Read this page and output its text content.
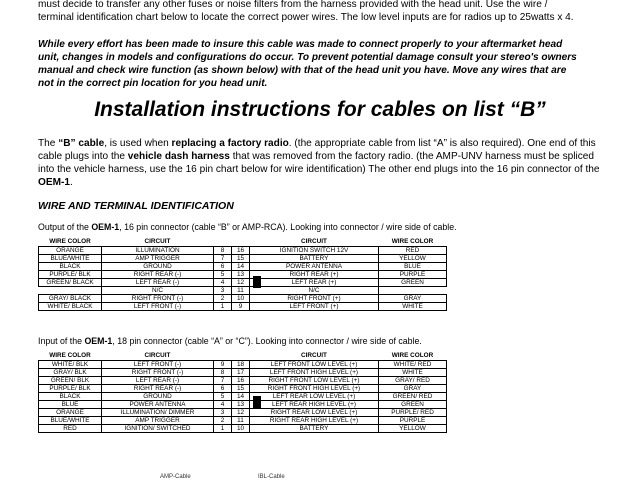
must decide to transfer any other fuses or noise filters from the harness provided with the head unit. Use the wire /
terminal identification chart below to locate the correct power wires. The low level inputs are for radios up to 25watts x 4.
While every effort has been made to insure this cable was made to connect properly to your aftermarket head
unit, changes in models and configurations do occur. To prevent potential damage consult your stereo's owners
manual and check wire function (as shown below) with that of the head unit you have. Move any wires that are
not in the correct pin location for you head unit.
Installation instructions for cables on list “B”
The “B” cable, is used when replacing a factory radio. (the appropriate cable from list “A” is also required). One end of this cable plugs into the vehicle dash harness that was removed from the factory radio. (the AMP-UNV harness must be spliced into the vehicle harness, use the 16 pin chart below for wire identification) The other end plugs into the 16 pin connector of the OEM-1.
WIRE AND TERMINAL IDENTIFICATION
Output of the OEM-1, 16 pin connector (cable “B” or AMP-RCA). Looking into connector / wire side of cable.
WIRE COLOR	CIRCUIT			CIRCUIT	WIRE COLOR
ORANGE	ILLUMINATION	8	16	IGNITION SWITCH 12V	RED
BLUE/WHITE	AMP TRIGGER	7	15	BATTERY	YELLOW
BLACK	GROUND	6	14	POWER ANTENNA	BLUE
PURPLE/ BLK	RIGHT REAR (-)	5	13	RIGHT REAR (+)	PURPLE
GREEN/ BLACK	LEFT REAR (-)	4	12	LEFT REAR (+)	GREEN
	N/C	3	11	N/C	
GRAY/ BLACK	RIGHT FRONT (-)	2	10	RIGHT FRONT (+)	GRAY
WHITE/ BLACK	LEFT FRONT (-)	1	9	LEFT FRONT (+)	WHITE
Input of the OEM-1, 18 pin connector (cable “A” or “C”). Looking into connector / wire side of cable.
WIRE COLOR	CIRCUIT			CIRCUIT	WIRE COLOR
WHITE/ BLK	LEFT FRONT (-)	9	18	LEFT FRONT LOW LEVEL (+)	WHITE/ RED
GRAY/ BLK	RIGHT FRONT (-)	8	17	LEFT FRONT HIGH LEVEL (+)	WHITE
GREEN/ BLK	LEFT REAR (-)	7	16	RIGHT FRONT LOW LEVEL (+)	GRAY/ RED
PURPLE/ BLK	RIGHT REAR (-)	6	15	RIGHT FRONT HIGH LEVEL (+)	GRAY
BLACK	GROUND	5	14	LEFT REAR LOW LEVEL (+)	GREEN/ RED
BLUE	POWER ANTENNA	4	13	LEFT REAR HIGH LEVEL (+)	GREEN
ORANGE	ILLUMINATION/ DIMMER	3	12	RIGHT REAR LOW LEVEL (+)	PURPLE/ RED
BLUE/WHITE	AMP TRIGGER	2	11	RIGHT REAR HIGH LEVEL (+)	PURPLE
RED	IGNITION/ SWITCHED	1	10	BATTERY	YELLOW
AMP-Cable	IBL-Cable
